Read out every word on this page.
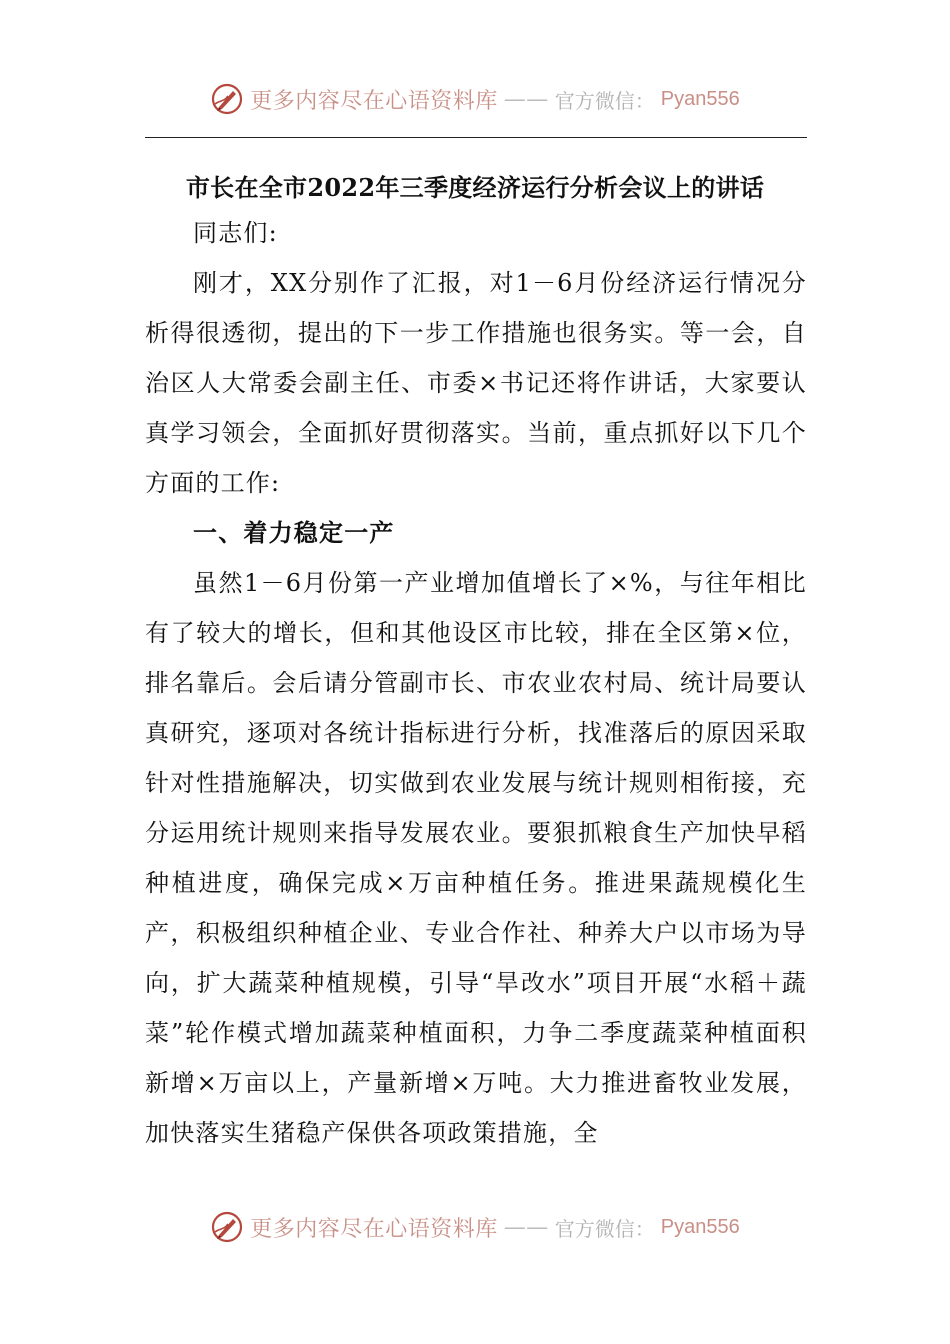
更多内容尽在心语资料库 —— 官方微信： Pyan556
市长在全市2022年三季度经济运行分析会议上的讲话

同志们:

刚才，XX分别作了汇报，对1－6月份经济运行情况分析得很透彻，提出的下一步工作措施也很务实。等一会，自治区人大常委会副主任、市委×书记还将作讲话，大家要认真学习领会，全面抓好贯彻落实。当前，重点抓好以下几个方面的工作:

一、着力稳定一产

虽然1－6月份第一产业增加值增长了×%，与往年相比有了较大的增长，但和其他设区市比较，排在全区第×位，排名靠后。会后请分管副市长、市农业农村局、统计局要认真研究，逐项对各统计指标进行分析，找准落后的原因采取针对性措施解决，切实做到农业发展与统计规则相衔接，充分运用统计规则来指导发展农业。要狠抓粮食生产加快早稻种植进度，确保完成×万亩种植任务。推进果蔬规模化生产，积极组织种植企业、专业合作社、种养大户以市场为导向，扩大蔬菜种植规模，引导“旱改水”项目开展“水稻＋蔬菜”轮作模式增加蔬菜种植面积，力争二季度蔬菜种植面积新增×万亩以上，产量新增×万吨。大力推进畜牧业发展，加快落实生猪稳产保供各项政策措施，全

更多内容尽在心语资料库 —— 官方微信： Pyan556
